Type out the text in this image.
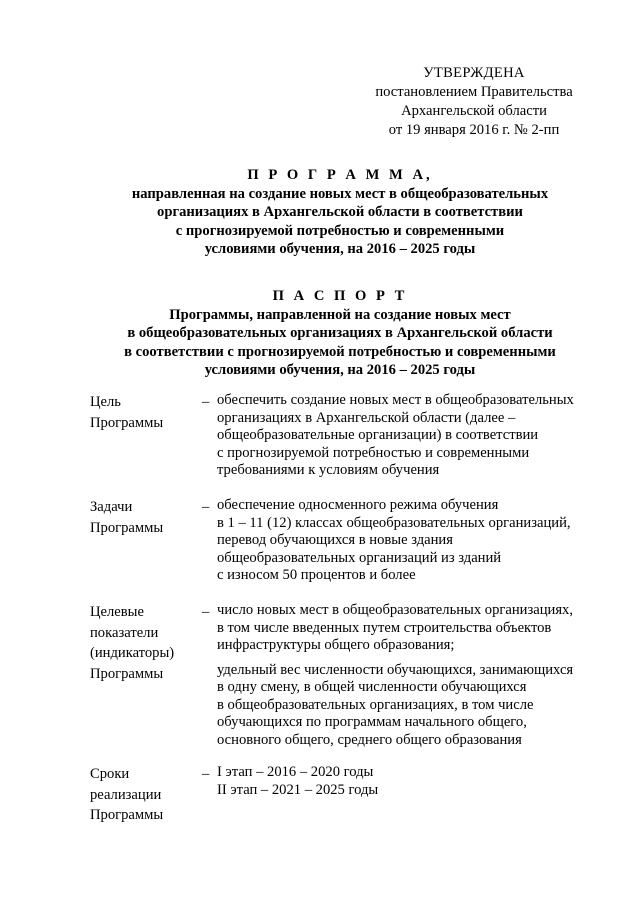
УТВЕРЖДЕНА
постановлением Правительства
Архангельской области
от 19 января 2016 г. № 2-пп
П Р О Г Р А М М А,
направленная на создание новых мест в общеобразовательных
организациях в Архангельской области в соответствии
с прогнозируемой потребностью и современными
условиями обучения, на 2016 – 2025 годы
П А С П О Р Т
Программы, направленной на создание новых мест
в общеобразовательных организациях в Архангельской области
в соответствии с прогнозируемой потребностью и современными
условиями обучения, на 2016 – 2025 годы
Цель
Программы
– обеспечить создание новых мест в общеобразовательных
организациях в Архангельской области (далее –
общеобразовательные организации) в соответствии
с прогнозируемой потребностью и современными
требованиями к условиям обучения
Задачи
Программы
– обеспечение односменного режима обучения
в 1 – 11 (12) классах общеобразовательных организаций,
перевод обучающихся в новые здания
общеобразовательных организаций из зданий
с износом 50 процентов и более
Целевые
показатели
(индикаторы)
Программы
– число новых мест в общеобразовательных организациях,
в том числе введенных путем строительства объектов
инфраструктуры общего образования;
удельный вес численности обучающихся, занимающихся
в одну смену, в общей численности обучающихся
в общеобразовательных организациях, в том числе
обучающихся по программам начального общего,
основного общего, среднего общего образования
Сроки
реализации
Программы
– I этап – 2016 – 2020 годы
II этап – 2021 – 2025 годы
